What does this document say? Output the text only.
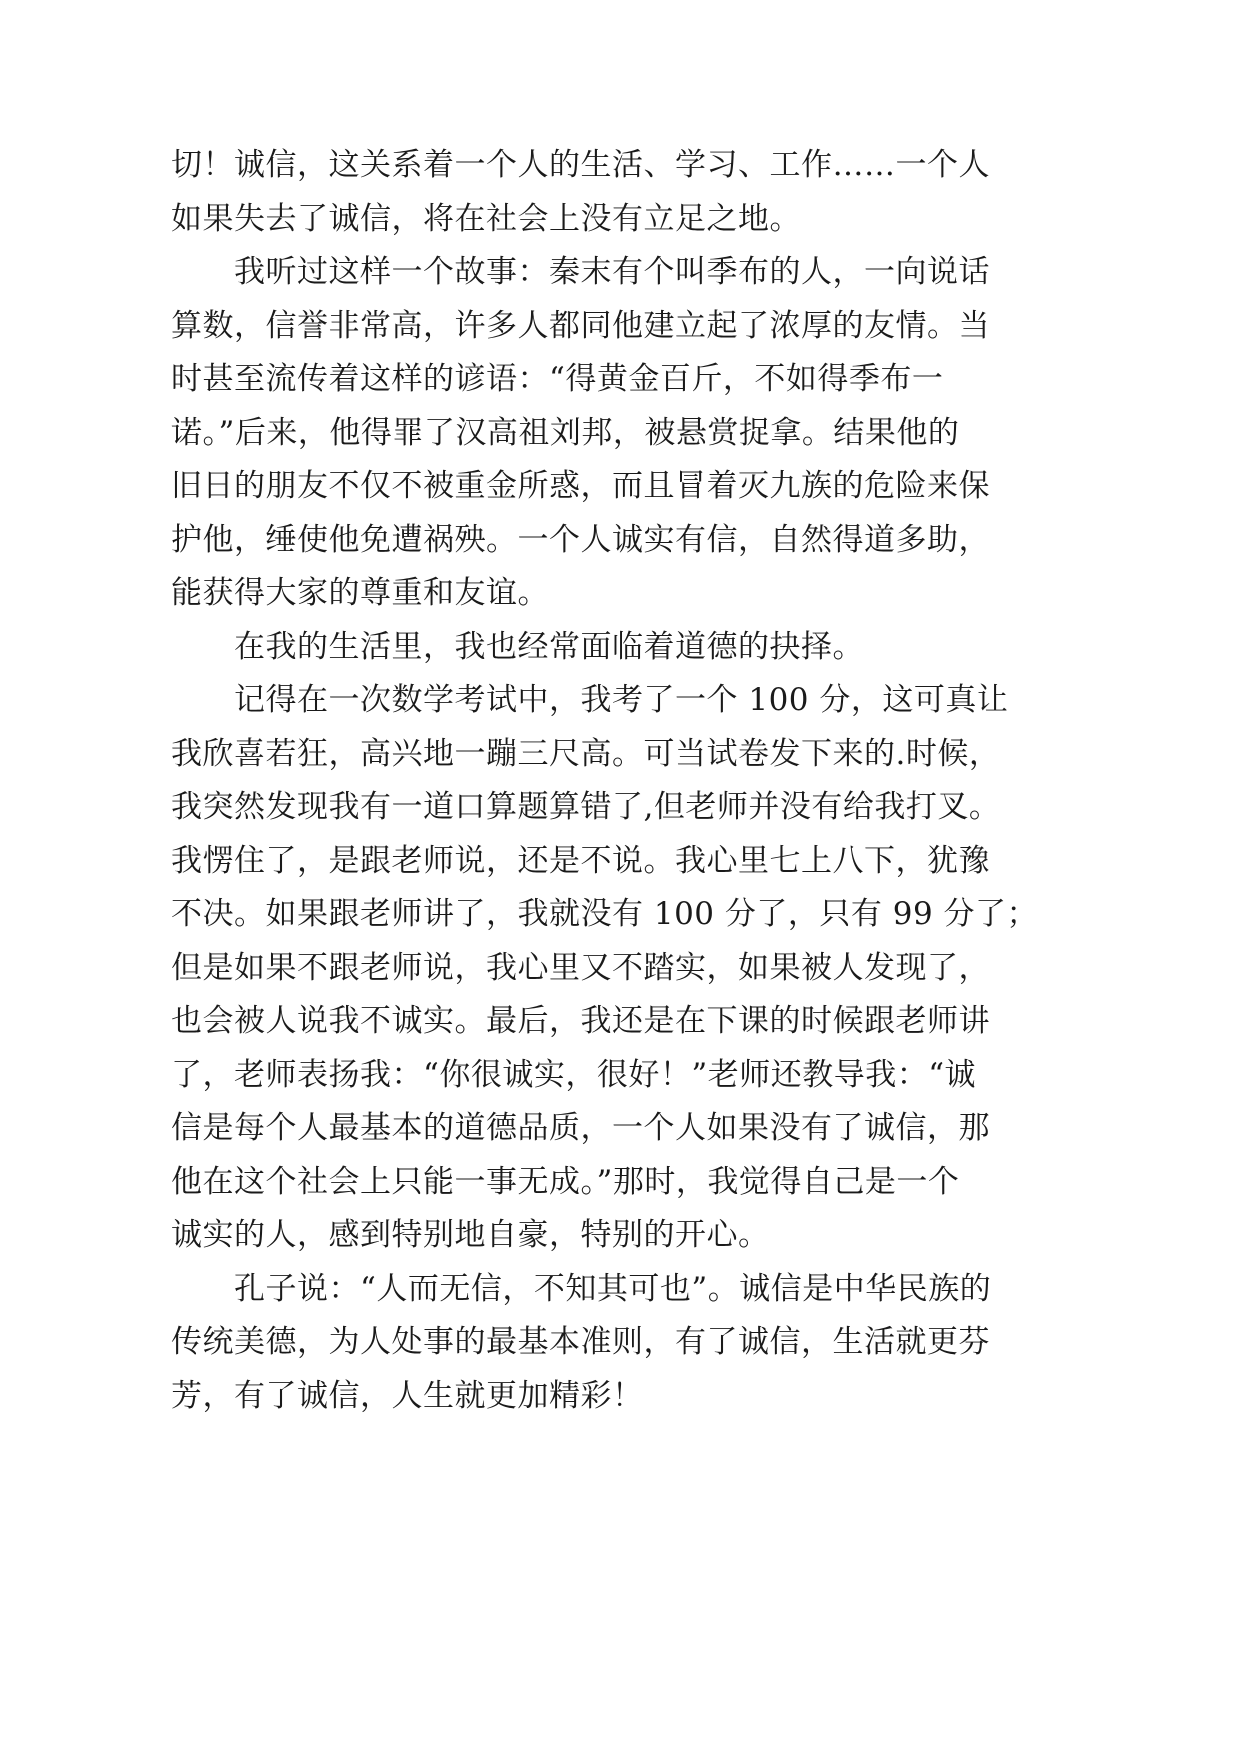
切！诚信，这关系着一个人的生活、学习、工作……一个人
如果失去了诚信，将在社会上没有立足之地。
　　我听过这样一个故事：秦末有个叫季布的人，一向说话
算数，信誉非常高，许多人都同他建立起了浓厚的友情。当
时甚至流传着这样的谚语：“得黄金百斤，不如得季布一
诺。”后来，他得罪了汉高祖刘邦，被悬赏捉拿。结果他的
旧日的朋友不仅不被重金所惑，而且冒着灭九族的危险来保
护他，缍使他免遭祸殃。一个人诚实有信，自然得道多助，
能获得大家的尊重和友谊。
　　在我的生活里，我也经常面临着道德的抉择。
　　记得在一次数学考试中，我考了一个 100 分，这可真让
我欣喜若狂，高兴地一蹦三尺高。可当试卷发下来的.时候，
我突然发现我有一道口算题算错了,但老师并没有给我打叉。
我愣住了，是跟老师说，还是不说。我心里七上八下，犹豫
不决。如果跟老师讲了，我就没有 100 分了，只有 99 分了；
但是如果不跟老师说，我心里又不踏实，如果被人发现了，
也会被人说我不诚实。最后，我还是在下课的时候跟老师讲
了，老师表扬我：“你很诚实，很好！”老师还教导我：“诚
信是每个人最基本的道德品质，一个人如果没有了诚信，那
他在这个社会上只能一事无成。”那时，我觉得自己是一个
诚实的人，感到特别地自豪，特别的开心。
　　孔子说：“人而无信，不知其可也”。诚信是中华民族的
传统美德，为人处事的最基本准则，有了诚信，生活就更芬
芳，有了诚信，人生就更加精彩！
